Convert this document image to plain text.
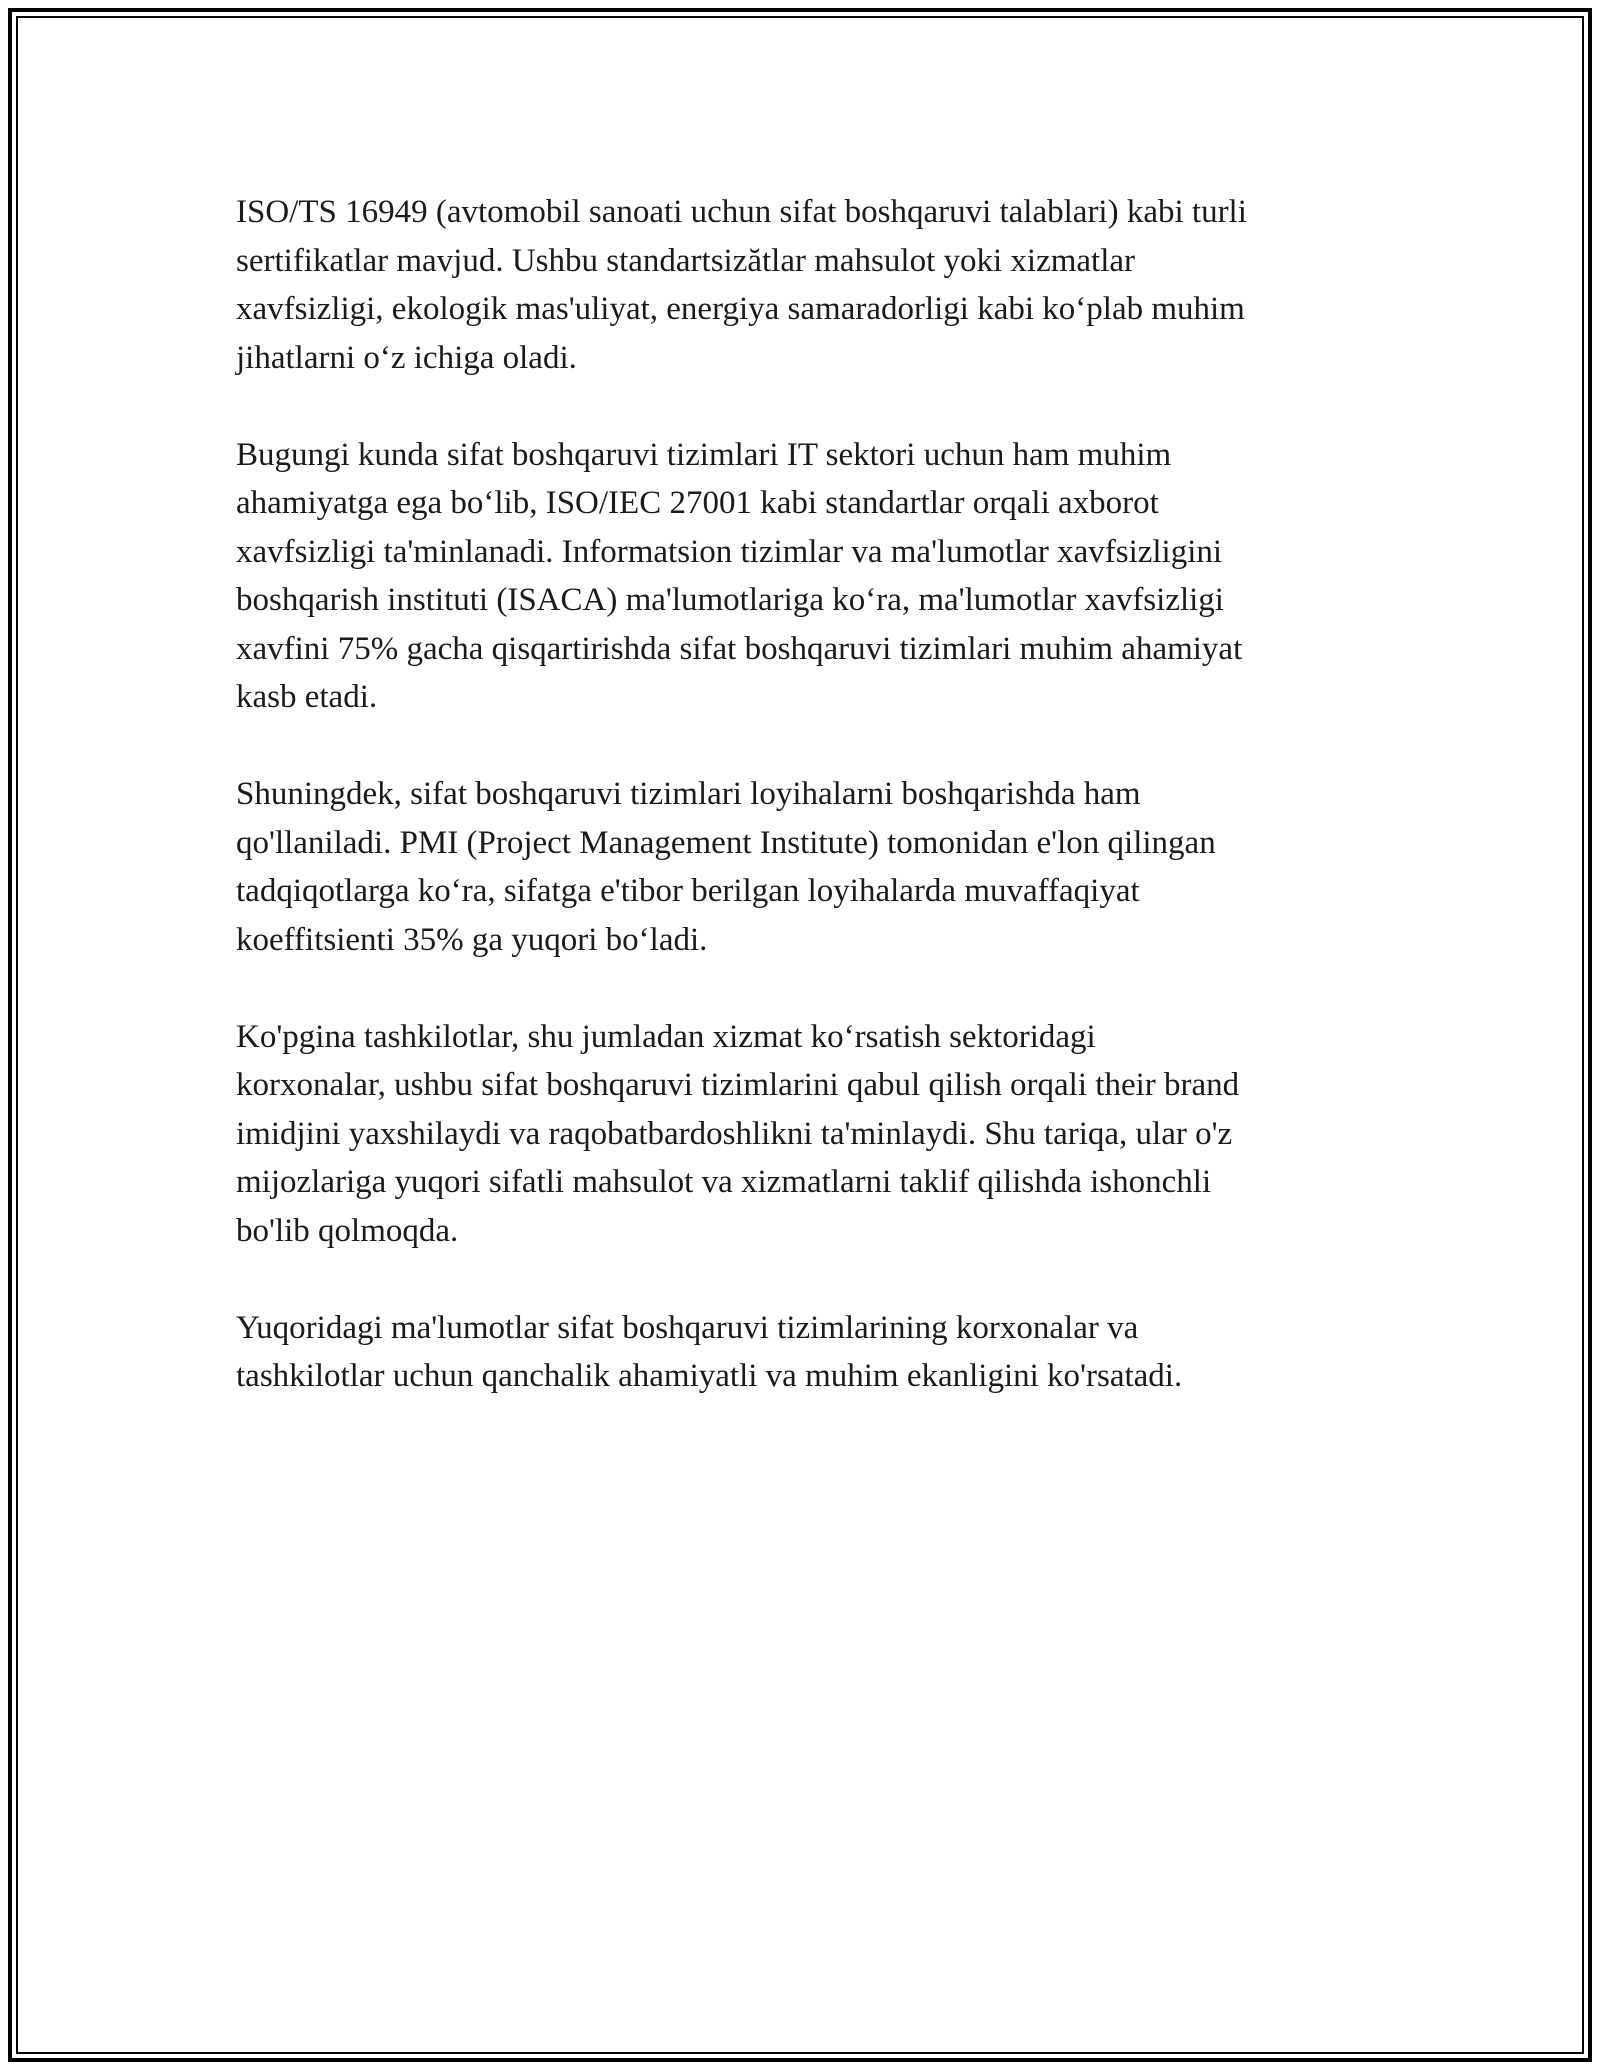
ISO/TS 16949 (avtomobil sanoati uchun sifat boshqaruvi talablari) kabi turli
sertifikatlar mavjud. Ushbu standartsizătlar mahsulot yoki xizmatlar
xavfsizligi, ekologik mas'uliyat, energiya samaradorligi kabi koʻplab muhim
jihatlarni oʻz ichiga oladi.

Bugungi kunda sifat boshqaruvi tizimlari IT sektori uchun ham muhim
ahamiyatga ega boʻlib, ISO/IEC 27001 kabi standartlar orqali axborot
xavfsizligi ta'minlanadi. Informatsion tizimlar va ma'lumotlar xavfsizligini
boshqarish instituti (ISACA) ma'lumotlariga koʻra, ma'lumotlar xavfsizligi
xavfini 75% gacha qisqartirishda sifat boshqaruvi tizimlari muhim ahamiyat
kasb etadi.

Shuningdek, sifat boshqaruvi tizimlari loyihalarni boshqarishda ham
qo'llaniladi. PMI (Project Management Institute) tomonidan e'lon qilingan
tadqiqotlarga koʻra, sifatga e'tibor berilgan loyihalarda muvaffaqiyat
koeffitsienti 35% ga yuqori boʻladi.

Ko'pgina tashkilotlar, shu jumladan xizmat koʻrsatish sektoridagi
korxonalar, ushbu sifat boshqaruvi tizimlarini qabul qilish orqali their brand
imidjini yaxshilaydi va raqobatbardoshlikni ta'minlaydi. Shu tariqa, ular o'z
mijozlariga yuqori sifatli mahsulot va xizmatlarni taklif qilishda ishonchli
bo'lib qolmoqda.

Yuqoridagi ma'lumotlar sifat boshqaruvi tizimlarining korxonalar va
tashkilotlar uchun qanchalik ahamiyatli va muhim ekanligini ko'rsatadi.
